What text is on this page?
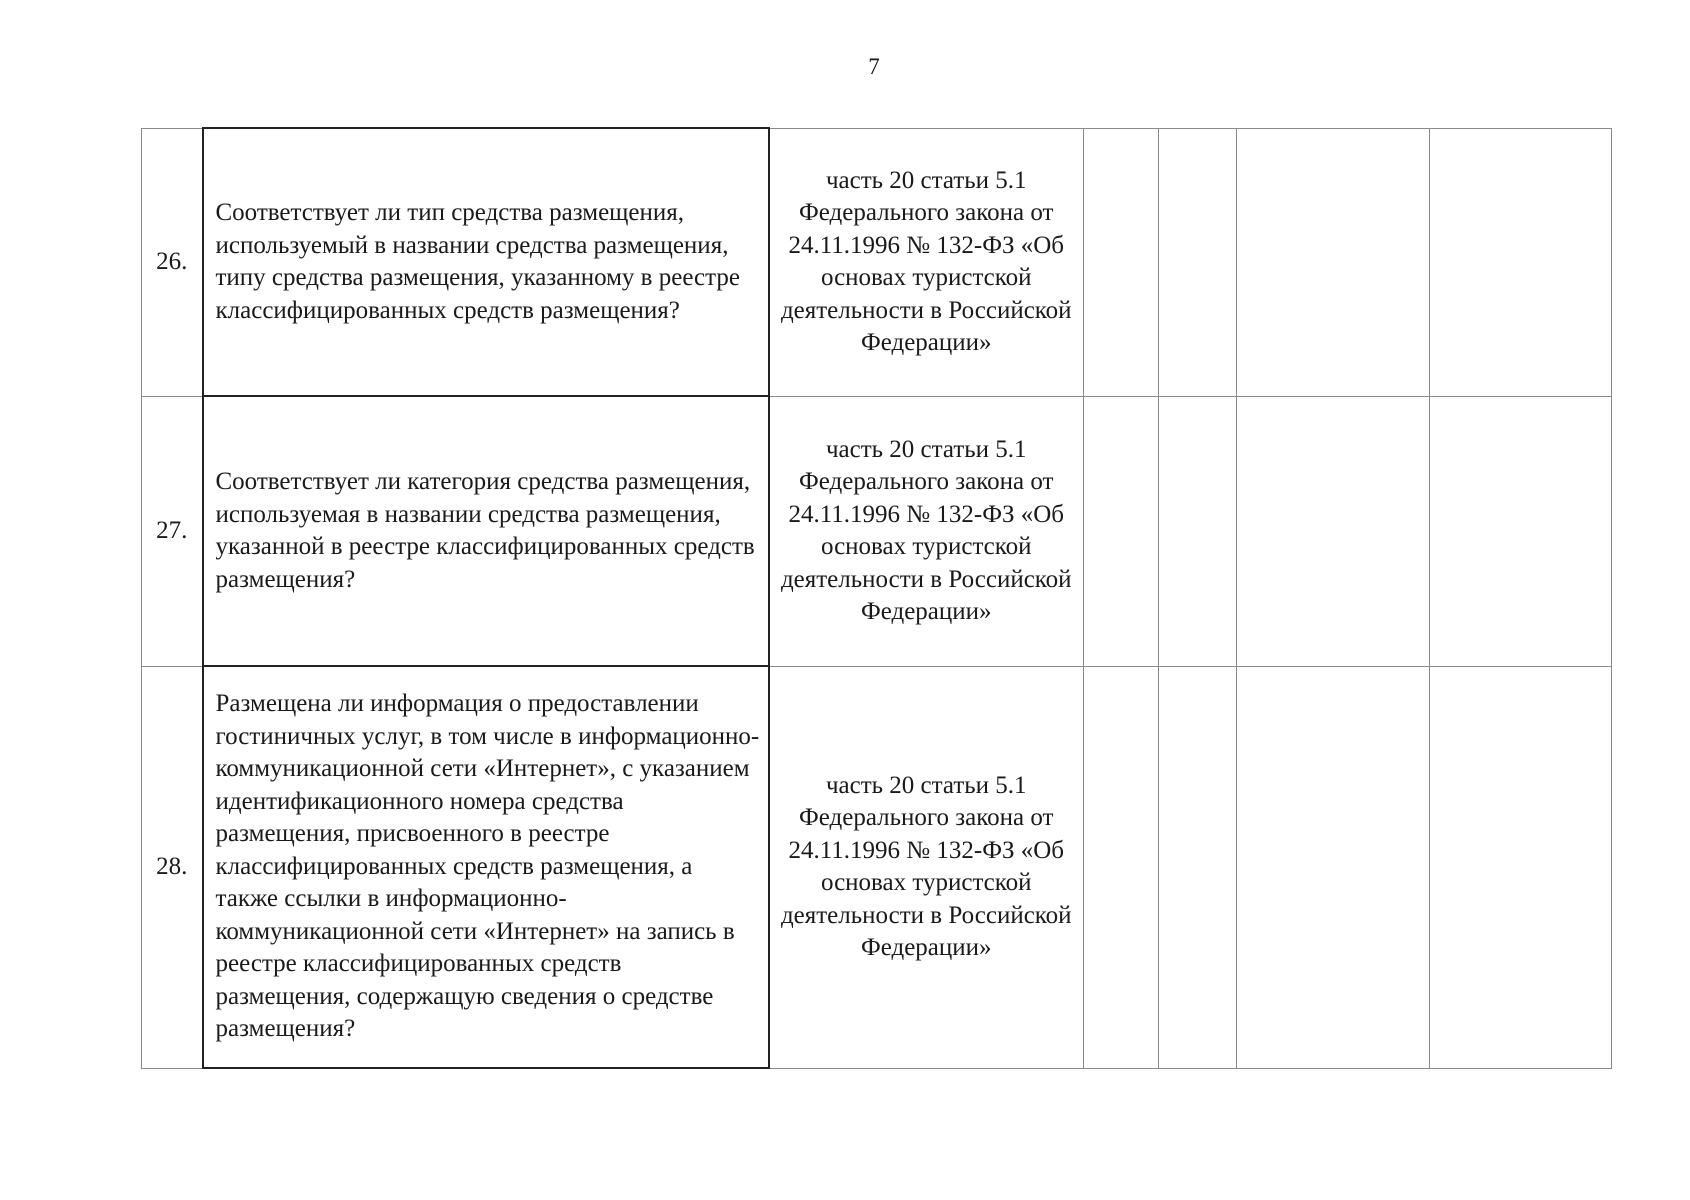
7
26.	Соответствует ли тип средства размещения, используемый в названии средства размещения, типу средства размещения, указанному в реестре классифицированных средств размещения?	часть 20 статьи 5.1 Федерального закона от 24.11.1996 № 132-ФЗ «Об основах туристской деятельности в Российской Федерации»				
27.	Соответствует ли категория средства размещения, используемая в названии средства размещения, указанной в реестре классифицированных средств размещения?	часть 20 статьи 5.1 Федерального закона от 24.11.1996 № 132-ФЗ «Об основах туристской деятельности в Российской Федерации»				
28.	Размещена ли информация о предоставлении гостиничных услуг, в том числе в информационно-коммуникационной сети «Интернет», с указанием идентификационного номера средства размещения, присвоенного в реестре классифицированных средств размещения, а также ссылки в информационно-коммуникационной сети «Интернет» на запись в реестре классифицированных средств размещения, содержащую сведения о средстве размещения?	часть 20 статьи 5.1 Федерального закона от 24.11.1996 № 132-ФЗ «Об основах туристской деятельности в Российской Федерации»				
